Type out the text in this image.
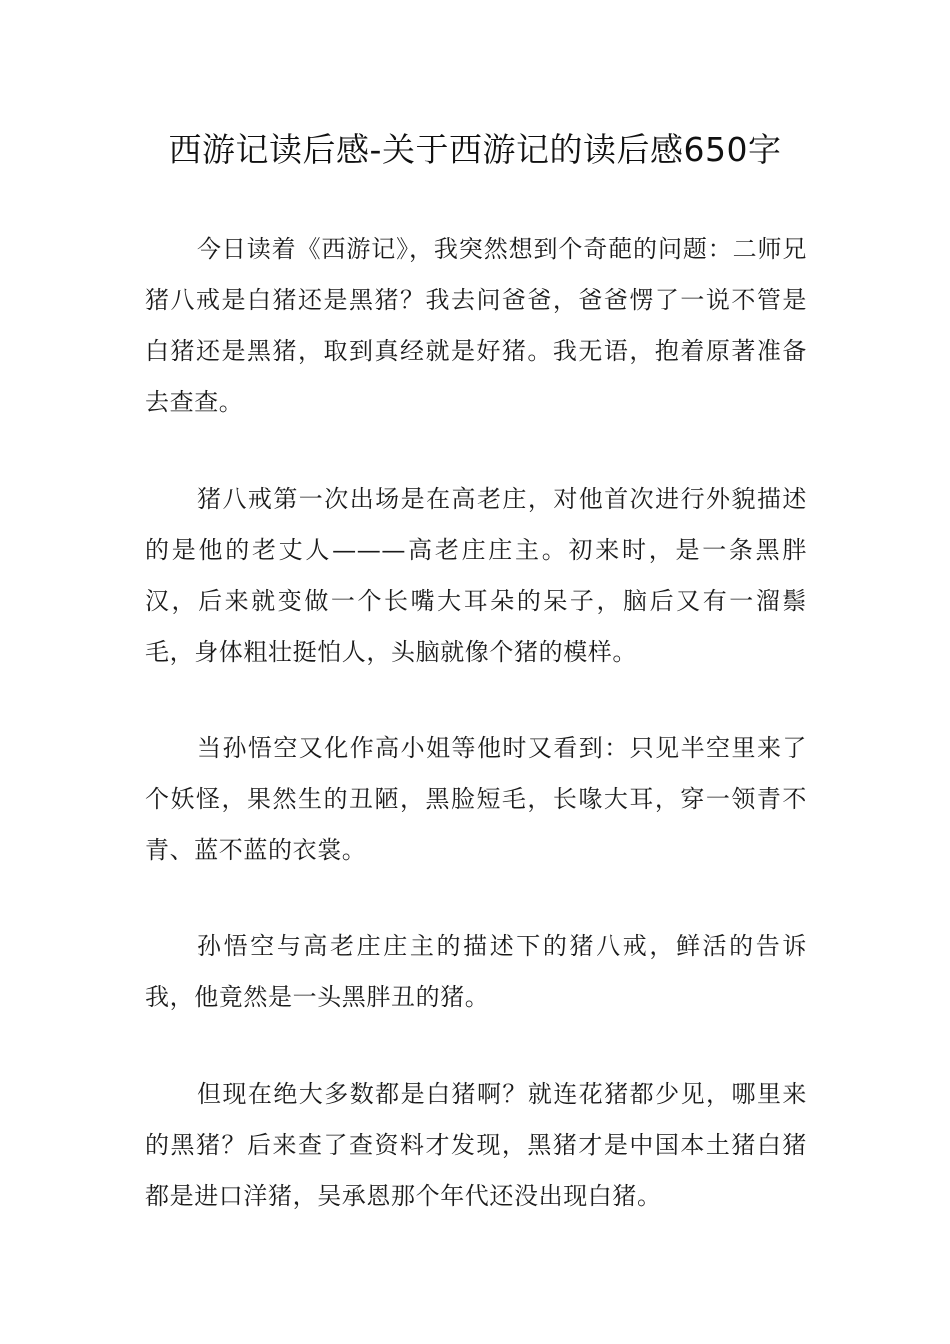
西游记读后感-关于西游记的读后感650字

今日读着《西游记》，我突然想到个奇葩的问题：二师兄猪八戒是白猪还是黑猪？我去问爸爸，爸爸愣了一说不管是白猪还是黑猪，取到真经就是好猪。我无语，抱着原著准备去查查。

猪八戒第一次出场是在高老庄，对他首次进行外貌描述的是他的老丈人———高老庄庄主。初来时，是一条黑胖汉，后来就变做一个长嘴大耳朵的呆子，脑后又有一溜鬃毛，身体粗壮挺怕人，头脑就像个猪的模样。

当孙悟空又化作高小姐等他时又看到：只见半空里来了个妖怪，果然生的丑陋，黑脸短毛，长喙大耳，穿一领青不青、蓝不蓝的衣裳。

孙悟空与高老庄庄主的描述下的猪八戒，鲜活的告诉我，他竟然是一头黑胖丑的猪。

但现在绝大多数都是白猪啊？就连花猪都少见，哪里来的黑猪？后来查了查资料才发现，黑猪才是中国本土猪白猪都是进口洋猪，吴承恩那个年代还没出现白猪。
